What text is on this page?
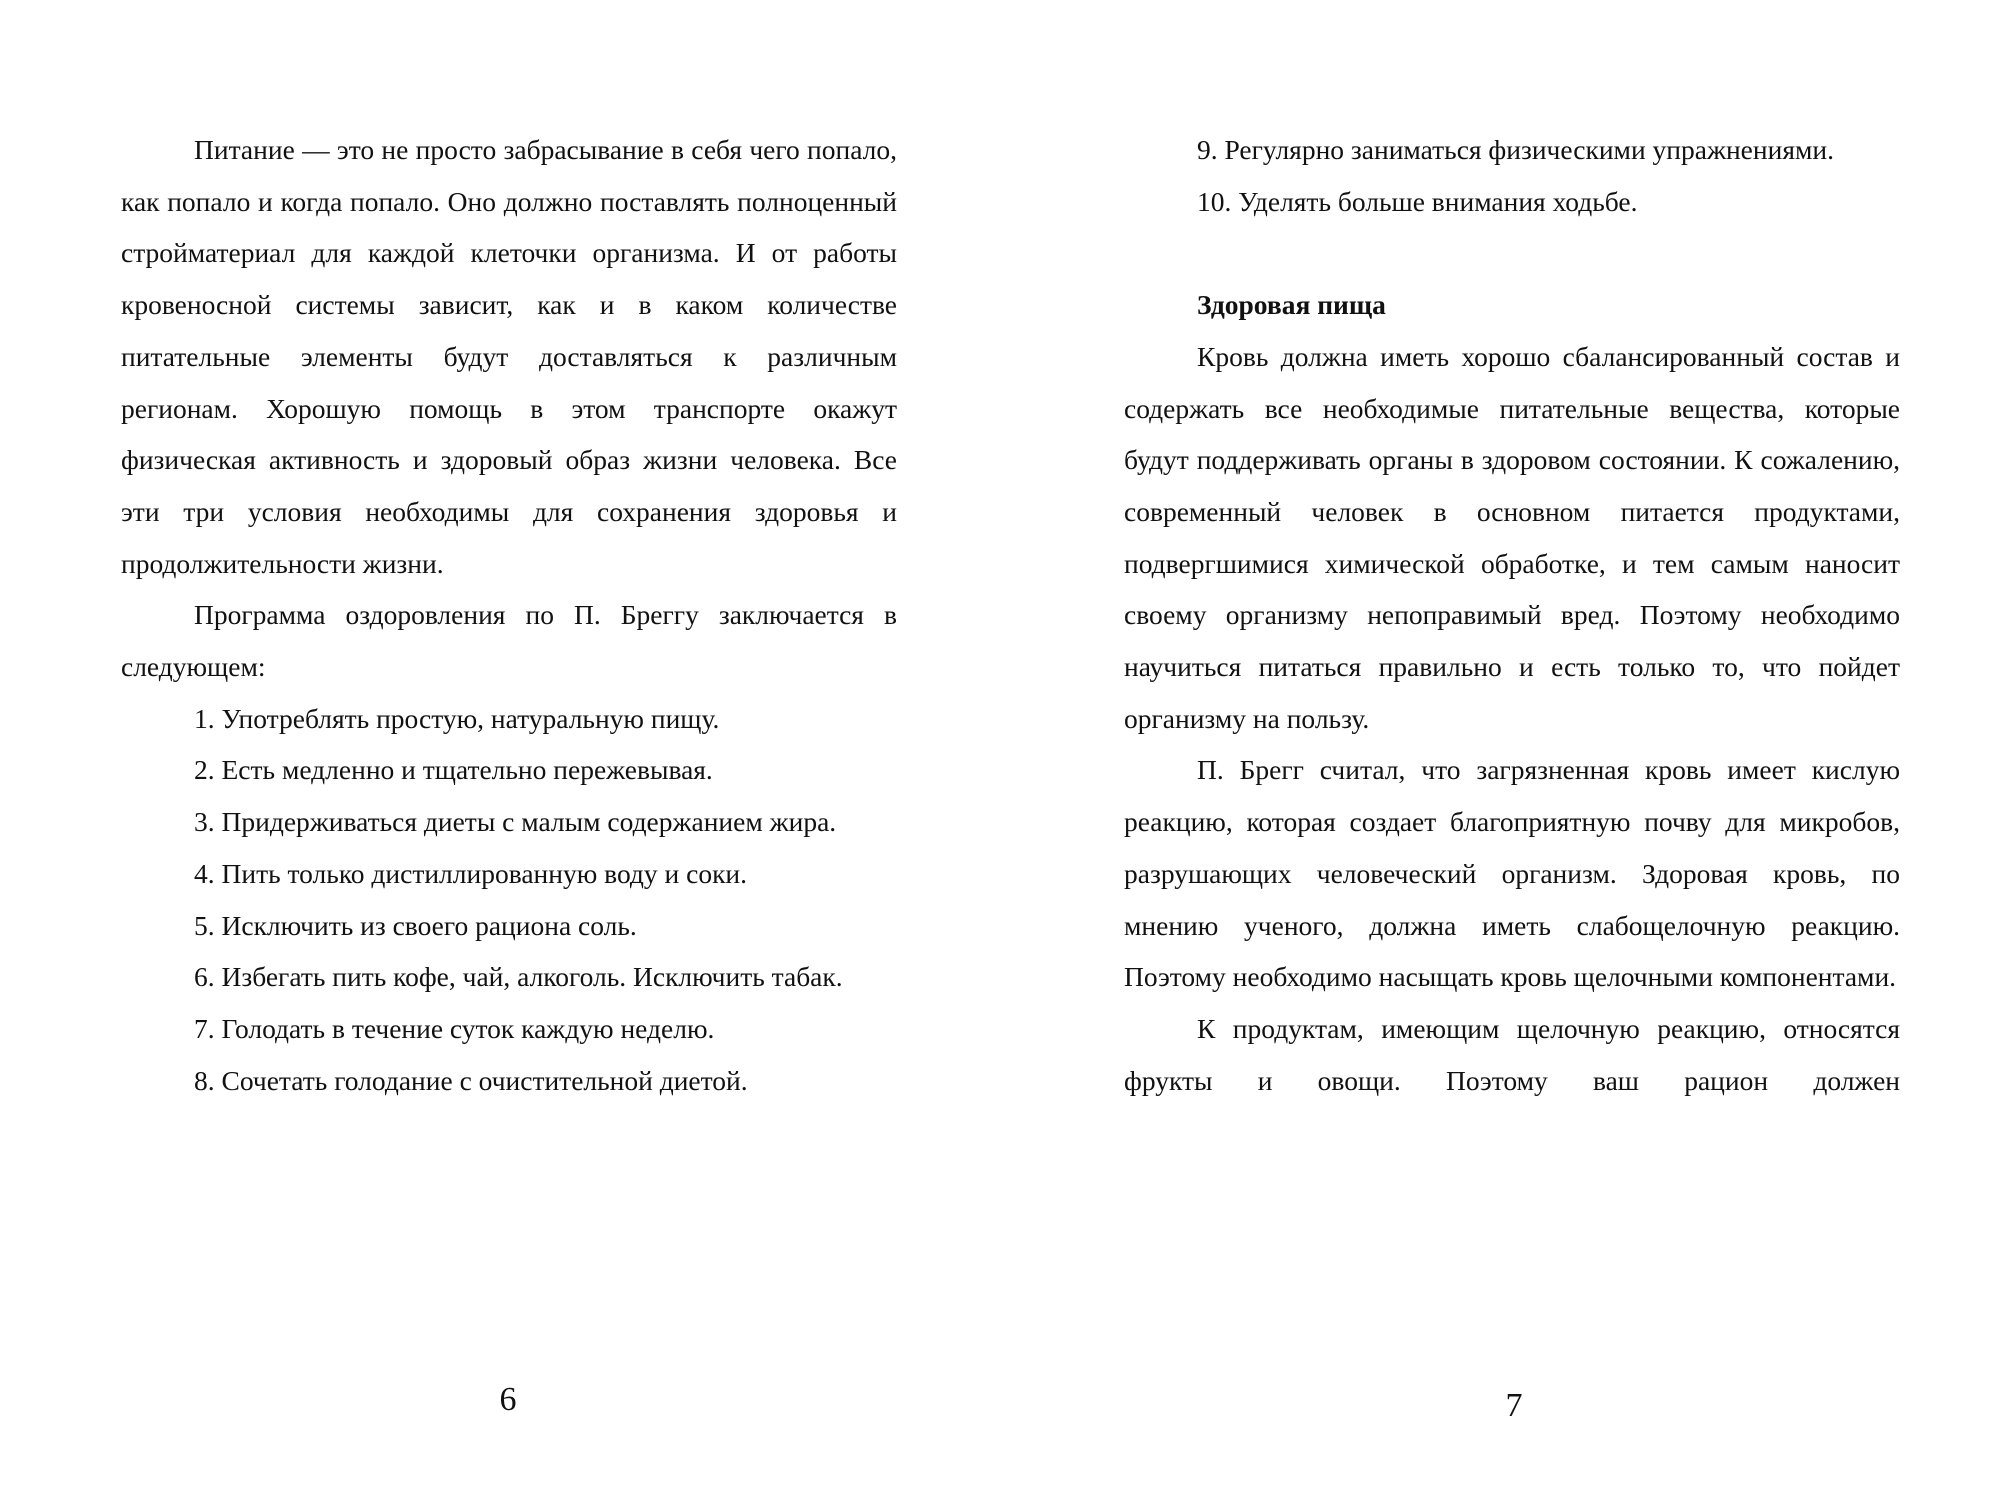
Питание — это не просто забрасывание в себя чего попало, как попало и когда попало. Оно должно поставлять полноценный стройматериал для каждой клеточки организма. И от работы кровеносной системы зависит, как и в каком количестве питательные элементы будут доставляться к различным регионам. Хорошую помощь в этом транспорте окажут физическая активность и здоровый образ жизни человека. Все эти три условия необходимы для сохранения здоровья и продолжительности жизни.

Программа оздоровления по П. Бреггу заключается в следующем:

1. Употреблять простую, натуральную пищу.

2. Есть медленно и тщательно пережевывая.

3. Придерживаться диеты с малым содержанием жира.

4. Пить только дистиллированную воду и соки.

5. Исключить из своего рациона соль.

6. Избегать пить кофе, чай, алкоголь. Исключить табак.

7. Голодать в течение суток каждую неделю.

8. Сочетать голодание с очистительной диетой.

6

9. Регулярно заниматься физическими упражнениями.

10. Уделять больше внимания ходьбе.

Здоровая пища

Кровь должна иметь хорошо сбалансированный состав и содержать все необходимые питательные вещества, которые будут поддерживать органы в здоровом состоянии. К сожалению, современный человек в основном питается продуктами, подвергшимися химической обработке, и тем самым наносит своему организму непоправимый вред. Поэтому необходимо научиться питаться правильно и есть только то, что пойдет организму на пользу.

П. Брегг считал, что загрязненная кровь имеет кислую реакцию, которая создает благоприятную почву для микробов, разрушающих человеческий организм. Здоровая кровь, по мнению ученого, должна иметь слабощелочную реакцию. Поэтому необходимо насыщать кровь щелочными компонентами.

К продуктам, имеющим щелочную реакцию, относятся фрукты и овощи. Поэтому ваш рацион должен

7
